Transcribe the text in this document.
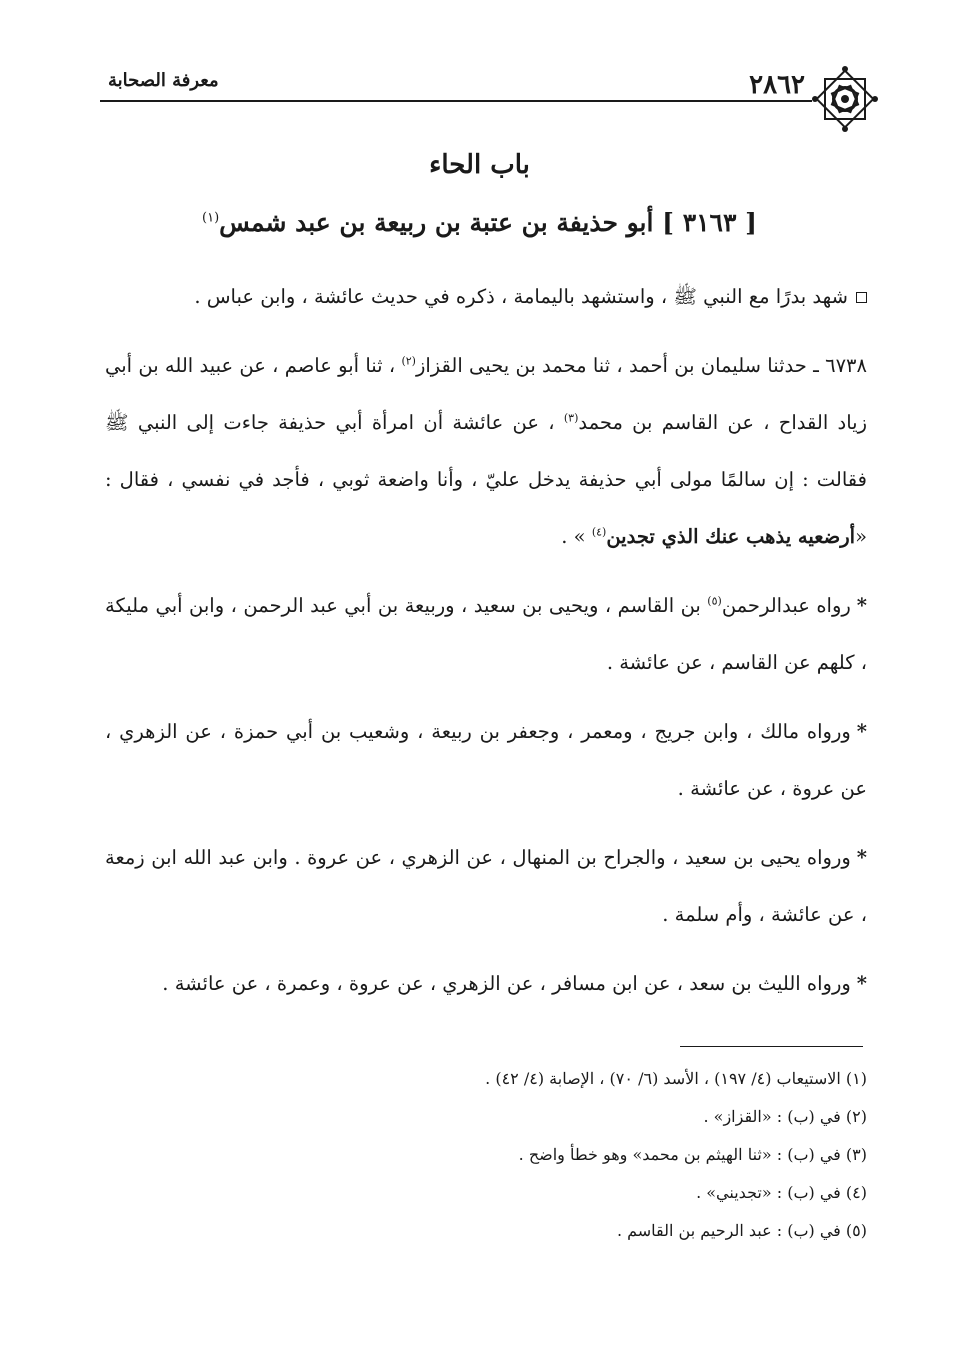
٢٨٦٢
معرفة الصحابة
باب الحاء
[ ٣١٦٣ ] أبو حذيفة بن عتبة بن ربيعة بن عبد شمس$^{(١)}$

شهد بدرًا مع النبي ﷺ ، واستشهد باليمامة ، ذكره في حديث عائشة ، وابن عباس .

٦٧٣٨ ـ حدثنا سليمان بن أحمد ، ثنا محمد بن يحيى القزاز$^{(٢)}$ ، ثنا أبو عاصم ، عن عبيد الله بن أبي زياد القداح ، عن القاسم بن محمد$^{(٣)}$ ، عن عائشة أن امرأة أبي حذيفة جاءت إلى النبي ﷺ فقالت : إن سالمًا مولى أبي حذيفة يدخل عليّ ، وأنا واضعة ثوبي ، فأجد في نفسي ، فقال : «أرضعيه يذهب عنك الذي تجدين$^{(٤)}$ » .

*رواه عبدالرحمن$^{(٥)}$ بن القاسم ، ويحيى بن سعيد ، وربيعة بن أبي عبد الرحمن ، وابن أبي مليكة ، كلهم عن القاسم ، عن عائشة .

*ورواه مالك ، وابن جريج ، ومعمر ، وجعفر بن ربيعة ، وشعيب بن أبي حمزة ، عن الزهري ، عن عروة ، عن عائشة .

*ورواه يحيى بن سعيد ، والجراح بن المنهال ، عن الزهري ، عن عروة . وابن عبد الله ابن زمعة ، عن عائشة ، وأم سلمة .

*ورواه الليث بن سعد ، عن ابن مسافر ، عن الزهري ، عن عروة ، وعمرة ، عن عائشة .

(١) الاستيعاب (٤/ ١٩٧) ، الأسد (٦/ ٧٠) ، الإصابة (٤/ ٤٢) .
(٢) في (ب) : «القزاز» .
(٣) في (ب) : «ثنا الهيثم بن محمد» وهو خطأ واضح .
(٤) في (ب) : «تجديني» .
(٥) في (ب) : عبد الرحيم بن القاسم .
